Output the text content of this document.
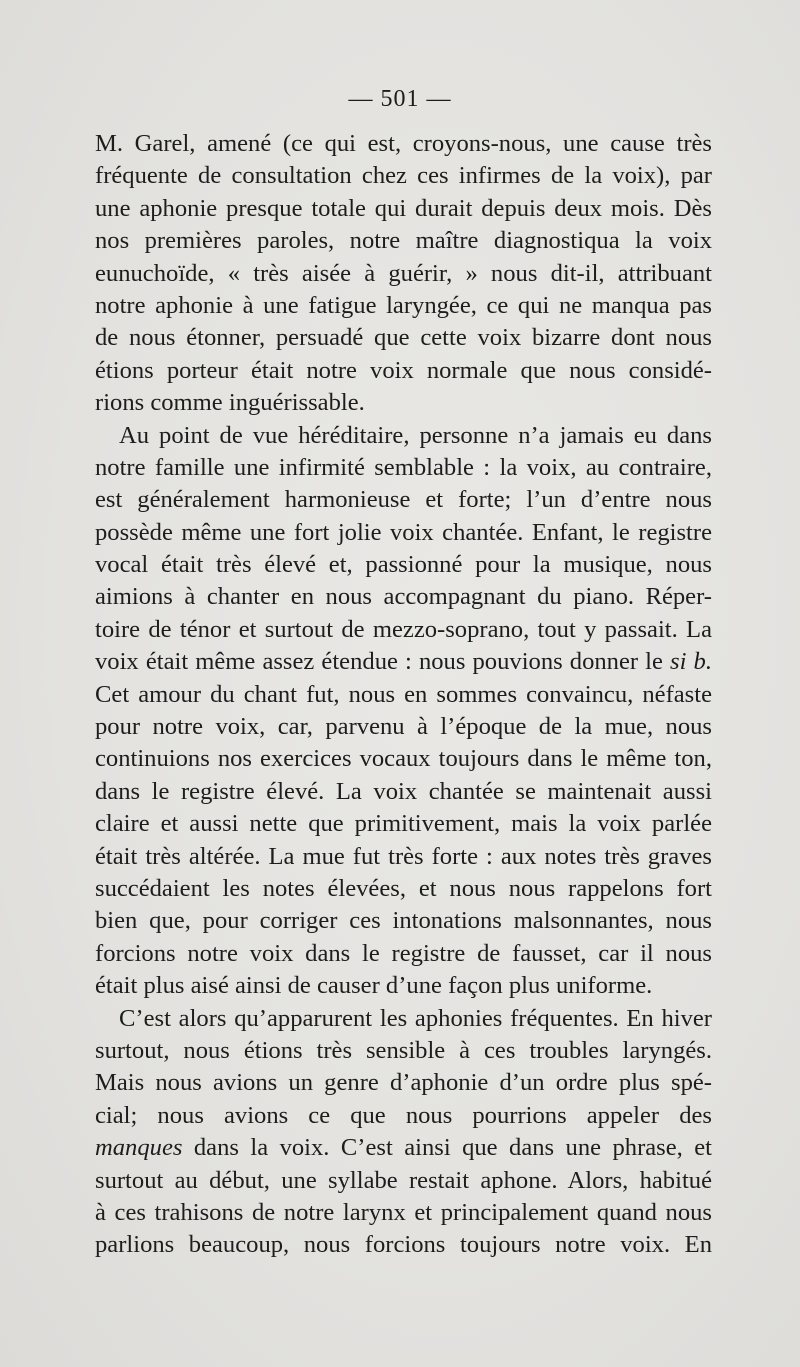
— 501 —
M. Garel, amené (ce qui est, croyons-nous, une cause très
fréquente de consultation chez ces infirmes de la voix), par
une aphonie presque totale qui durait depuis deux mois. Dès
nos premières paroles, notre maître diagnostiqua la voix
eunuchoïde, « très aisée à guérir, » nous dit-il, attribuant
notre aphonie à une fatigue laryngée, ce qui ne manqua pas
de nous étonner, persuadé que cette voix bizarre dont nous
étions porteur était notre voix normale que nous considé-
rions comme inguérissable.
Au point de vue héréditaire, personne n’a jamais eu dans
notre famille une infirmité semblable : la voix, au contraire,
est généralement harmonieuse et forte; l’un d’entre nous
possède même une fort jolie voix chantée. Enfant, le registre
vocal était très élevé et, passionné pour la musique, nous
aimions à chanter en nous accompagnant du piano. Réper-
toire de ténor et surtout de mezzo-soprano, tout y passait. La
voix était même assez étendue : nous pouvions donner le si b.
Cet amour du chant fut, nous en sommes convaincu, néfaste
pour notre voix, car, parvenu à l’époque de la mue, nous
continuions nos exercices vocaux toujours dans le même ton,
dans le registre élevé. La voix chantée se maintenait aussi
claire et aussi nette que primitivement, mais la voix parlée
était très altérée. La mue fut très forte : aux notes très graves
succédaient les notes élevées, et nous nous rappelons fort
bien que, pour corriger ces intonations malsonnantes, nous
forcions notre voix dans le registre de fausset, car il nous
était plus aisé ainsi de causer d’une façon plus uniforme.
C’est alors qu’apparurent les aphonies fréquentes. En hiver
surtout, nous étions très sensible à ces troubles laryngés.
Mais nous avions un genre d’aphonie d’un ordre plus spé-
cial; nous avions ce que nous pourrions appeler des
manques dans la voix. C’est ainsi que dans une phrase, et
surtout au début, une syllabe restait aphone. Alors, habitué
à ces trahisons de notre larynx et principalement quand nous
parlions beaucoup, nous forcions toujours notre voix. En
